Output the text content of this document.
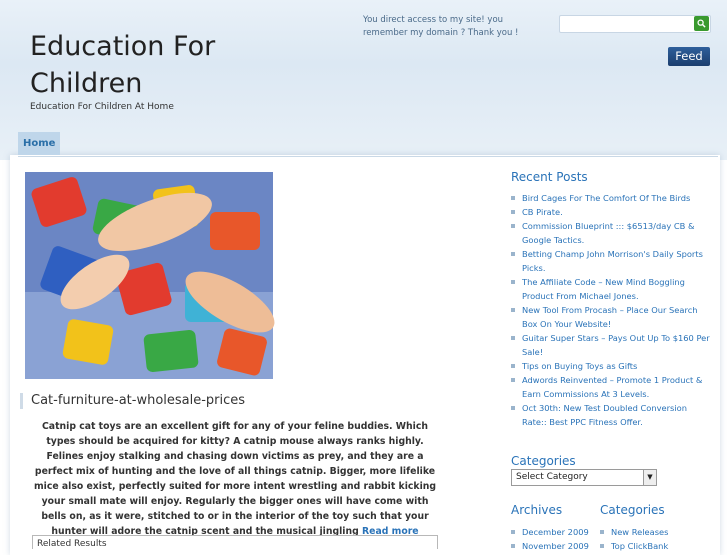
Education For Children
Education For Children At Home
You direct access to my site! you remember my domain ? Thank you !
Feed
Home
Cat-furniture-at-wholesale-prices
Catnip cat toys are an excellent gift for any of your feline buddies. Which types should be acquired for kitty? A catnip mouse always ranks highly. Felines enjoy stalking and chasing down victims as prey, and they are a perfect mix of hunting and the love of all things catnip. Bigger, more lifelike mice also exist, perfectly suited for more intent wrestling and rabbit kicking your small mate will enjoy. Regularly the bigger ones will have come with bells on, as it were, stitched to or in the interior of the toy such that your hunter will adore the catnip scent and the musical jingling Read more
Related Results
Recent Posts
Bird Cages For The Comfort Of The Birds
CB Pirate.
Commission Blueprint ::: $6513/day CB & Google Tactics.
Betting Champ John Morrison's Daily Sports Picks.
The Affiliate Code – New Mind Boggling Product From Michael Jones.
New Tool From Procash – Place Our Search Box On Your Website!
Guitar Super Stars – Pays Out Up To $160 Per Sale!
Tips on Buying Toys as Gifts
Adwords Reinvented – Promote 1 Product & Earn Commissions At 3 Levels.
Oct 30th: New Test Doubled Conversion Rate:: Best PPC Fitness Offer.
Categories
Select Category	▼
Archives
December 2009
November 2009
Categories
New Releases
Top ClickBank
